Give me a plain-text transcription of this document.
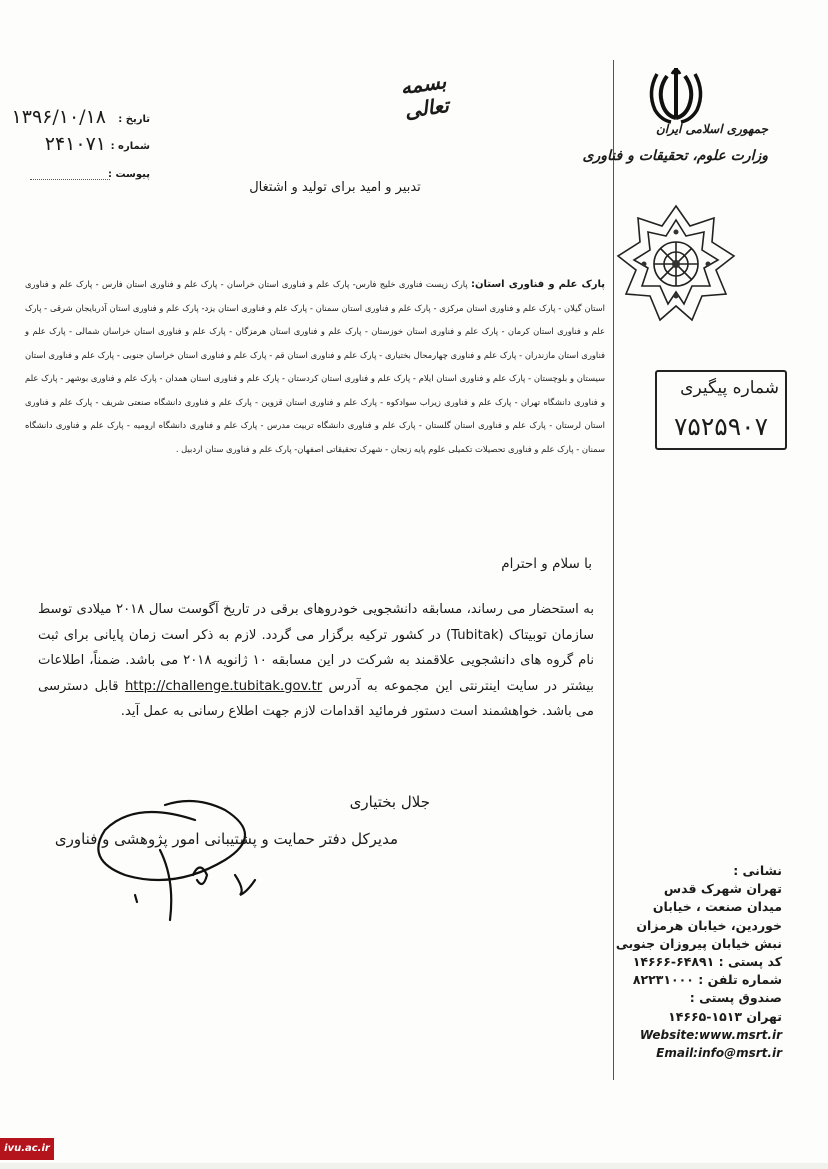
جمهوری اسلامی ایران
وزارت علوم، تحقیقات و فناوری
شماره پیگیری
۷۵۲۵۹۰۷
نشانی :
تهران شهرک قدس
میدان صنعت ، خیابان
خوردین، خیابان هرمزان
نبش خیابان پیروزان جنوبی
کد پستی : ۶۴۸۹۱-۱۴۶۶۶
شماره تلفن : ۸۲۲۳۱۰۰۰
صندوق پستی :
تهران ۱۵۱۳-۱۴۶۶۵
Website:www.msrt.ir
Email:info@msrt.ir
بسمه تعالی
تاریخ :
۱۳۹۶/۱۰/۱۸
شماره :
۲۴۱۰۷۱
پیوست :
تدبیر و امید برای تولید و اشتغال
پارک علم و فناوری استان: پارک زیست فناوری خلیج فارس- پارک علم و فناوری استان خراسان - پارک علم و فناوری استان فارس - پارک علم و فناوری استان گیلان - پارک علم و فناوری استان مرکزی - پارک علم و فناوری استان سمنان - پارک علم و فناوری استان یزد- پارک علم و فناوری استان آذربایجان شرقی - پارک علم و فناوری استان کرمان - پارک علم و فناوری استان خوزستان - پارک علم و فناوری استان هرمزگان - پارک علم و فناوری استان خراسان شمالی - پارک علم و فناوری استان مازندران - پارک علم و فناوری چهارمحال بختیاری - پارک علم و فناوری استان قم - پارک علم و فناوری استان خراسان جنوبی - پارک علم و فناوری استان سیستان و بلوچستان - پارک علم و فناوری استان ایلام - پارک علم و فناوری استان کردستان - پارک علم و فناوری استان همدان - پارک علم و فناوری بوشهر - پارک علم و فناوری دانشگاه تهران - پارک علم و فناوری زیراب سوادکوه - پارک علم و فناوری استان قزوین - پارک علم و فناوری دانشگاه صنعتی شریف - پارک علم و فناوری استان لرستان - پارک علم و فناوری استان گلستان - پارک علم و فناوری دانشگاه تربیت مدرس - پارک علم و فناوری دانشگاه ارومیه - پارک علم و فناوری دانشگاه سمنان - پارک علم و فناوری تحصیلات تکمیلی علوم پایه زنجان - شهرک تحقیقاتی اصفهان- پارک علم و فناوری ستان اردبیل .
با سلام و احترام
به استحضار می رساند، مسابقه دانشجویی خودروهای برقی در تاریخ آگوست سال ۲۰۱۸ میلادی توسط سازمان توبیتاک (Tubitak) در کشور ترکیه برگزار می گردد. لازم به ذکر است زمان پایانی برای ثبت نام گروه های دانشجویی علاقمند به شرکت در این مسابقه ۱۰ ژانویه ۲۰۱۸ می باشد. ضمناً، اطلاعات بیشتر در سایت اینترنتی این مجموعه به آدرس http://challenge.tubitak.gov.tr قابل دسترسی می باشد. خواهشمند است دستور فرمائید اقدامات لازم جهت اطلاع رسانی به عمل آید.
جلال بختیاری
مدیرکل دفتر حمایت و پشتیبانی امور پژوهشی و فناوری
ivu.ac.ir
